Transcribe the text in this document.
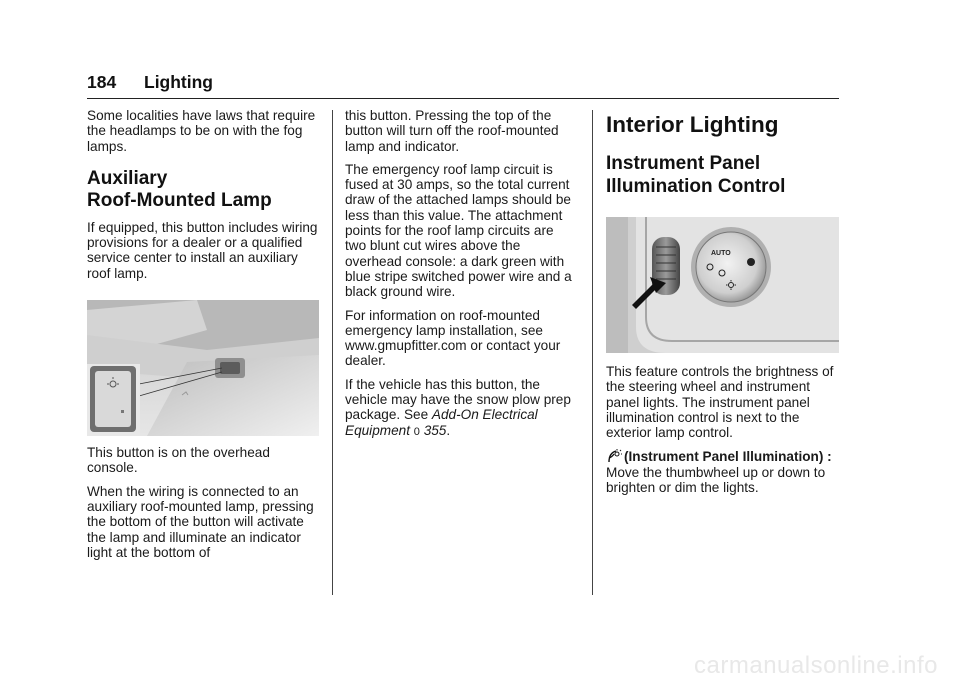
184 Lighting

Some localities have laws that require the headlamps to be on with the fog lamps.

Auxiliary
Roof-Mounted Lamp

If equipped, this button includes wiring provisions for a dealer or a qualified service center to install an auxiliary roof lamp.

This button is on the overhead console.

When the wiring is connected to an auxiliary roof-mounted lamp, pressing the bottom of the button will activate the lamp and illuminate an indicator light at the bottom of

this button. Pressing the top of the button will turn off the roof-mounted lamp and indicator.

The emergency roof lamp circuit is fused at 30 amps, so the total current draw of the attached lamps should be less than this value. The attachment points for the roof lamp circuits are two blunt cut wires above the overhead console: a dark green with blue stripe switched power wire and a black ground wire.

For information on roof-mounted emergency lamp installation, see www.gmupfitter.com or contact your dealer.

If the vehicle has this button, the vehicle may have the snow plow prep package. See Add-On Electrical Equipment 0 355.

Interior Lighting
Instrument Panel
Illumination Control
AUTO

This feature controls the brightness of the steering wheel and instrument panel lights. The instrument panel illumination control is next to the exterior lamp control.

(Instrument Panel Illumination) : Move the thumbwheel up or down to brighten or dim the lights.

carmanualsonline.info
